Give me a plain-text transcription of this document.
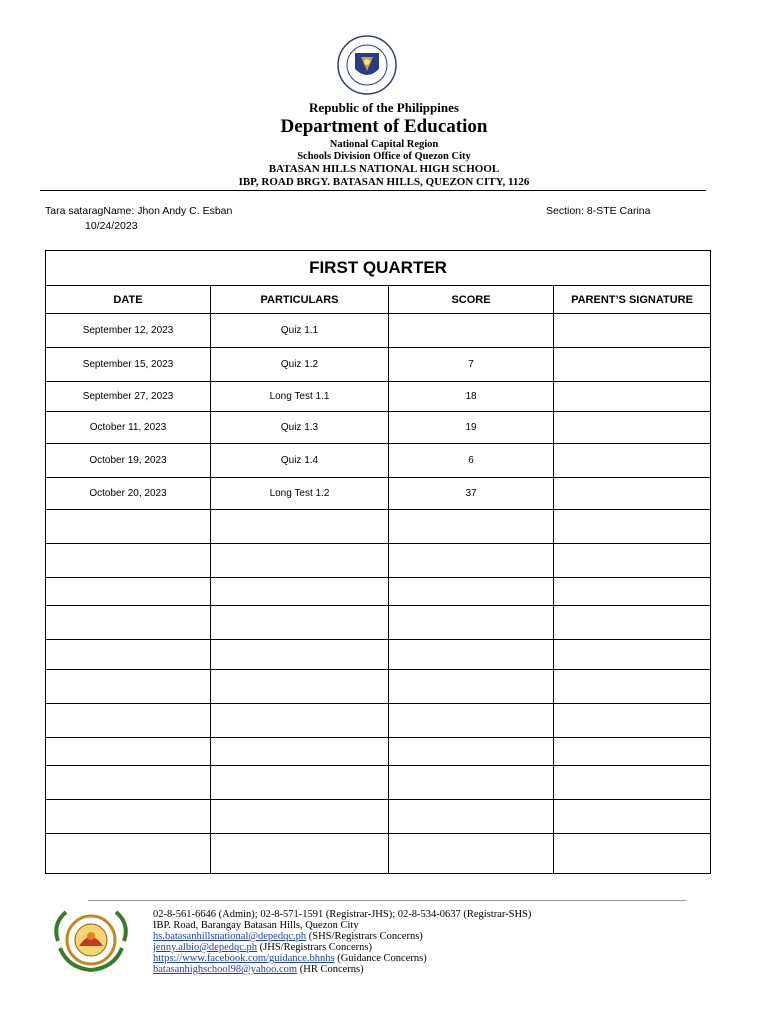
•
Republic of the Philippines
Department of Education
National Capital Region
Schools Division Office of Quezon City
BATASAN HILLS NATIONAL HIGH SCHOOL
IBP, ROAD BRGY. BATASAN HILLS, QUEZON CITY, 1126
Tara sataragName: Jhon Andy C. Esban
10/24/2023
Section: 8-STE Carina
FIRST QUARTER			
DATE	PARTICULARS	SCORE	PARENT’S SIGNATURE
September 12, 2023	Quiz 1.1		
September 15, 2023	Quiz 1.2	7	
September 27, 2023	Long Test 1.1	18	
October 11, 2023	Quiz 1.3	19	
October 19, 2023	Quiz 1.4	6	
October 20, 2023	Long Test 1.2	37	

02-8-561-6646 (Admin); 02-8-571-1591 (Registrar-JHS); 02-8-534-0637 (Registrar-SHS)
IBP. Road, Barangay Batasan Hills, Quezon City
hs.batasanhillsnational@depedqc.ph (SHS/Registrars Concerns)
jenny.albio@depedqc.ph (JHS/Registrars Concerns)
https://www.facebook.com/guidance.bhnhs (Guidance Concerns)
batasanhighschool98@yahoo.com (HR Concerns)
